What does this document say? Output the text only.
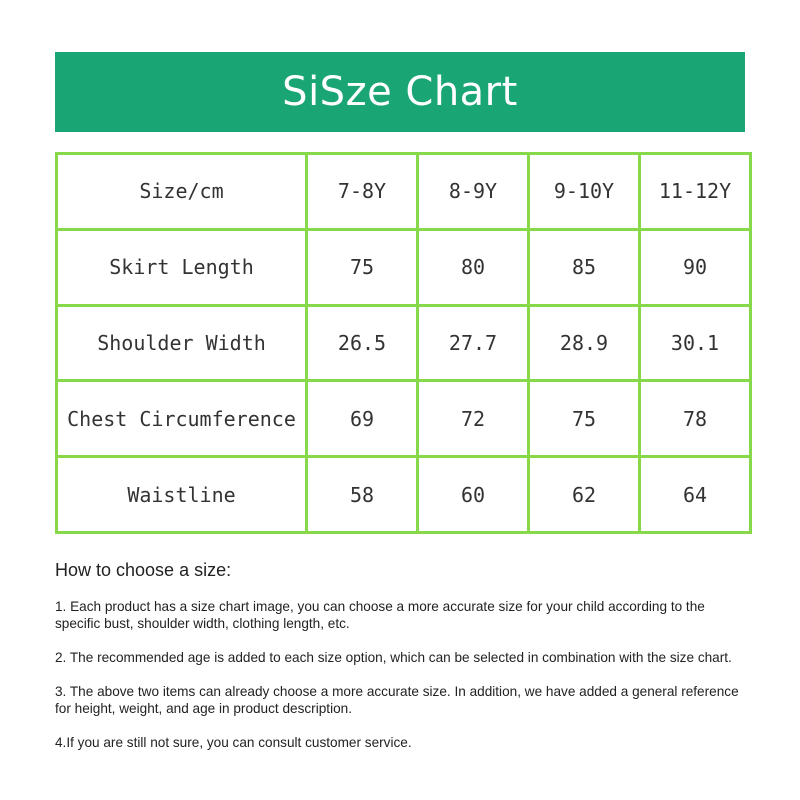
SiSze Chart
Size/cm	7-8Y	8-9Y	9-10Y	11-12Y
Skirt Length	75	80	85	90
Shoulder Width	26.5	27.7	28.9	30.1
Chest Circumference	69	72	75	78
Waistline	58	60	62	64
How to choose a size:

1. Each product has a size chart image, you can choose a more accurate size for your child according to the specific bust, shoulder width, clothing length, etc.

2. The recommended age is added to each size option, which can be selected in combination with the size chart.

3. The above two items can already choose a more accurate size. In addition, we have added a general reference for height, weight, and age in product description.

4.If you are still not sure, you can consult customer service.
